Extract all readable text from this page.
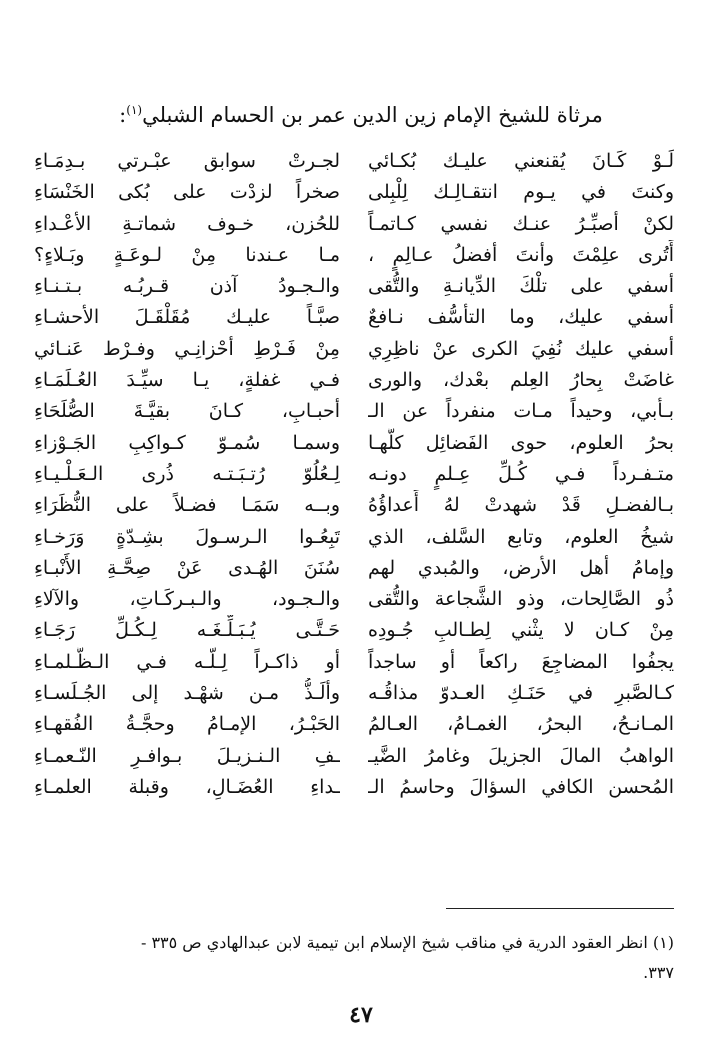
مرثاة للشيخ الإمام زين الدين عمر بن الحسام الشبلي$^{(١)}$:
لَـوْ كَـانَ يُقنعني عليـك بُكـائي
وكنتَ في يـوم انتقـالِـك لِلْبِلى
لكنْ أصبِّـرُ عنـك نفسي كـاتمـاً
أَتُرى علِمْتَ وأنتَ أفضلُ عـالِمٍ ،
أسفي على تلْكَ الدِّيانـةِ والتُّقى
أسفي عليك، وما التأسُّف نـافعٌ
أسفي عليك نُفِيَ الكرى عنْ ناظِرِي
غاضَتْ بِحارُ العِلم بعْدك، والورى
بـأبي، وحيداً مـات منفرداً عن الـ
بحرُ العلوم، حوى الفَضائِل كلَّهـا
متـفـرداً فـي كُـلِّ عِـلمٍ دونـه
بـالفضـلِ قَدْ شهدتْ لهُ أَعداؤُهُ
شيخُ العلوم، وتابع السَّلف، الذي
وإمامُ أهل الأرض، والمُبدي لهم
ذُو الصَّالِحات، وذو الشَّجاعة والتُّقى
مِنْ كـان لا يثْني لِطـالبِ جُـودِه
يجفُوا المضاجِعَ راكعاً أو ساجداً
كـالصَّبرِ في حَنَـكِ العـدوّ مذاقُـه
المـانـحُ، البحرُ، الغمـامُ، العـالمُ
الواهبُ المالَ الجزيلَ وغامرُ الضَّيـ
المُحسن الكافي السؤالَ وحاسمُ الـ
لجـرتْ سوابق عبْـرتي بـدِمَـاءِ
صخراً لزدْت على بُكى الخَنْسَاءِ
للحُزن، خـوف شماتـةِ الأعْـداءِ
مـا عـندنا مِنْ لـوعَـةٍ وبَـلاءٍ؟
والـجـودُ آذن قـربُـه بـتـنـاءِ
صبَّـاً عليـك مُقَلْقَـلَ الأحشـاءِ
مِنْ فَـرْطِ أحْزانِـي وفـرْط عَنـائي
فـي غفلةٍ، يـا سيِّـدَ العُـلَمَـاءِ
أحبـابِ، كـانَ بقيَّـةَ الصُّلَحَاءِ
وسمـا سُمـوّ كـواكِبِ الجَـوْزاءِ
لِـعُلُوّ رُتـبَـتـه ذُرى الـعَـلْـيـاءِ
وبــه سَمَـا فضـلاً على النُّظَرَاءِ
تَبِعُـوا الـرسـولَ بشِـدّةٍ وَرَخـاءِ
سُنَنَ الهُـدى عَنْ صِحَّـةِ الأَنْبـاءِ
والـجـود، والـبـركَـاتِ، والآلاءِ
حَـتَّـى يُـبَـلِّـغَـه لِـكُـلِّ رَجَـاءِ
أو ذاكـراً لِـلّـه فـي الـظَّـلمـاءِ
وألَـذُّ مـن شهْـد إلى الجُـلَسـاءِ
الحَبْـرُ، الإمـامُ وحجَّـةُ الفُقهـاءِ
ـفِ الـنـزيـلَ بـوافـرِ النّـعمـاءِ
ـداءِ العُضَـالِ، وقبلة العلمـاءِ
(١) انظر العقود الدرية في مناقب شيخ الإسلام ابن تيمية لابن عبدالهادي ص ٣٣٥ -
٣٣٧.
٤٧
